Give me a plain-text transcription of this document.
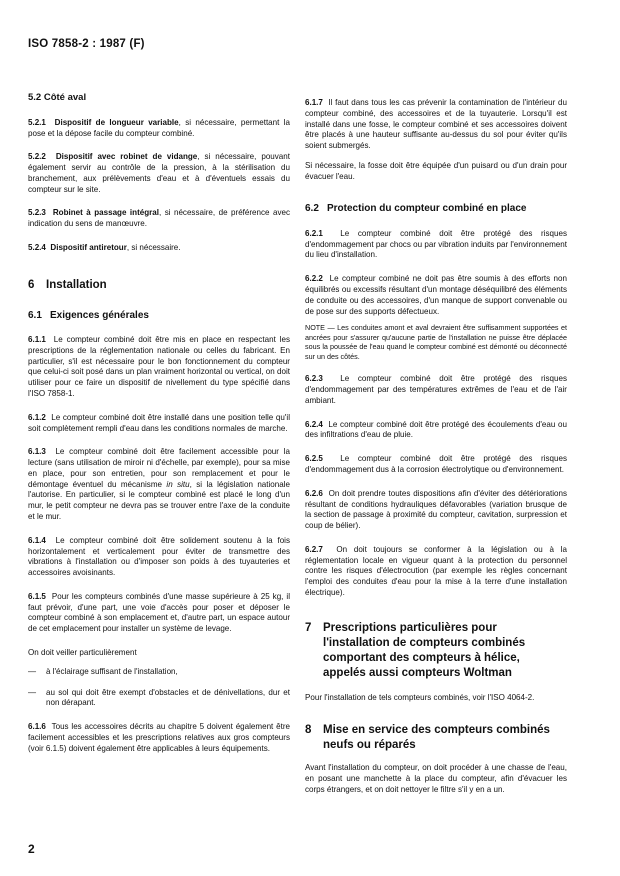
ISO 7858-2 : 1987 (F)
5.2 Côté aval

5.2.1 Dispositif de longueur variable, si nécessaire, permettant la pose et la dépose facile du compteur combiné.

5.2.2 Dispositif avec robinet de vidange, si nécessaire, pouvant également servir au contrôle de la pression, à la stérilisation du branchement, aux prélèvements d'eau et à d'éventuels essais du compteur sur le site.

5.2.3 Robinet à passage intégral, si nécessaire, de préférence avec indication du sens de manœuvre.

5.2.4 Dispositif antiretour, si nécessaire.

6 Installation
6.1 Exigences générales

6.1.1 Le compteur combiné doit être mis en place en respectant les prescriptions de la réglementation nationale ou celles du fabricant. En particulier, s'il est nécessaire pour le bon fonctionnement du compteur que celui-ci soit posé dans un plan vraiment horizontal ou vertical, on doit utiliser pour ce faire un dispositif de nivellement du type spécifié dans l'ISO 7858-1.

6.1.2 Le compteur combiné doit être installé dans une position telle qu'il soit complètement rempli d'eau dans les conditions normales de marche.

6.1.3 Le compteur combiné doit être facilement accessible pour la lecture (sans utilisation de miroir ni d'échelle, par exemple), pour sa mise en place, pour son entretien, pour son remplacement et pour le démontage éventuel du mécanisme in situ, si la législation nationale l'autorise. En particulier, si le compteur combiné est placé le long d'un mur, le petit compteur ne devra pas se trouver entre l'axe de la conduite et le mur.

6.1.4 Le compteur combiné doit être solidement soutenu à la fois horizontalement et verticalement pour éviter de transmettre des vibrations à l'installation ou d'imposer son poids à des tuyauteries et accessoires avoisinants.

6.1.5 Pour les compteurs combinés d'une masse supérieure à 25 kg, il faut prévoir, d'une part, une voie d'accès pour poser et déposer le compteur combiné à son emplacement et, d'autre part, un espace autour de cet emplacement pour installer un système de levage.

On doit veiller particulièrement

— à l'éclairage suffisant de l'installation,
— au sol qui doit être exempt d'obstacles et de dénivellations, dur et non dérapant.

6.1.6 Tous les accessoires décrits au chapitre 5 doivent également être facilement accessibles et les prescriptions relatives aux gros compteurs (voir 6.1.5) doivent également être applicables à leurs équipements.

6.1.7 Il faut dans tous les cas prévenir la contamination de l'intérieur du compteur combiné, des accessoires et de la tuyauterie. Lorsqu'il est installé dans une fosse, le compteur combiné et ses accessoires doivent être placés à une hauteur suffisante au-dessus du sol pour éviter qu'ils soient submergés.

Si nécessaire, la fosse doit être équipée d'un puisard ou d'un drain pour évacuer l'eau.

6.2 Protection du compteur combiné en place

6.2.1 Le compteur combiné doit être protégé des risques d'endommagement par chocs ou par vibration induits par l'environnement du lieu d'installation.

6.2.2 Le compteur combiné ne doit pas être soumis à des efforts non équilibrés ou excessifs résultant d'un montage déséquilibré des éléments de conduite ou des accessoires, d'un manque de support convenable ou de pose sur des supports défectueux.

NOTE — Les conduites amont et aval devraient être suffisamment supportées et ancrées pour s'assurer qu'aucune partie de l'installation ne puisse être déplacée sous la poussée de l'eau quand le compteur combiné est démonté ou déconnecté sur un des côtés.

6.2.3 Le compteur combiné doit être protégé des risques d'endommagement par des températures extrêmes de l'eau et de l'air ambiant.

6.2.4 Le compteur combiné doit être protégé des écoulements d'eau ou des infiltrations d'eau de pluie.

6.2.5 Le compteur combiné doit être protégé des risques d'endommagement dus à la corrosion électrolytique ou d'environnement.

6.2.6 On doit prendre toutes dispositions afin d'éviter des détériorations résultant de conditions hydrauliques défavorables (variation brusque de la section de passage à proximité du compteur, cavitation, surpression et coup de bélier).

6.2.7 On doit toujours se conformer à la législation ou à la réglementation locale en vigueur quant à la protection du personnel contre les risques d'électrocution (par exemple les règles concernant l'emploi des conduites d'eau pour la mise à la terre d'une installation électrique).

7 Prescriptions particulières pour l'installation de compteurs combinés comportant des compteurs à hélice, appelés aussi compteurs Woltman

Pour l'installation de tels compteurs combinés, voir l'ISO 4064-2.

8 Mise en service des compteurs combinés neufs ou réparés

Avant l'installation du compteur, on doit procéder à une chasse de l'eau, en posant une manchette à la place du compteur, afin d'évacuer les corps étrangers, et on doit nettoyer le filtre s'il y en a un.

2
